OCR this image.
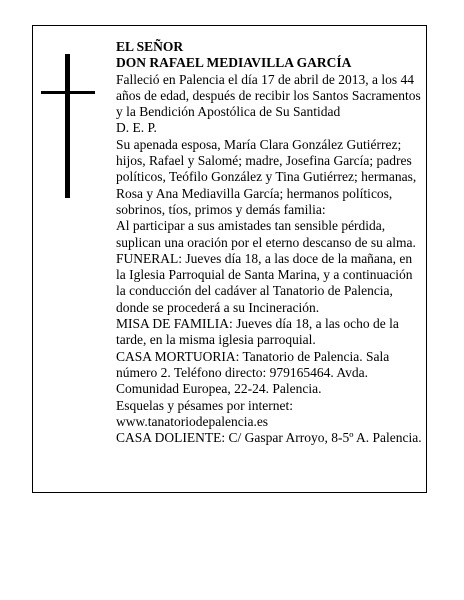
EL SEÑOR

DON RAFAEL MEDIAVILLA GARCÍA

Falleció en Palencia el día 17 de abril de 2013, a los 44 años de edad, después de recibir los Santos Sacramentos y la Bendición Apostólica de Su Santidad

D. E. P.

Su apenada esposa, María Clara González Gutiérrez; hijos, Rafael y Salomé; madre, Josefina García; padres políticos, Teófilo González y Tina Gutiérrez; hermanas, Rosa y Ana Mediavilla García; hermanos políticos, sobrinos, tíos, primos y demás familia:

Al participar a sus amistades tan sensible pérdida, suplican una oración por el eterno descanso de su alma.

FUNERAL: Jueves día 18, a las doce de la mañana, en la Iglesia Parroquial de Santa Marina, y a continuación la conducción del cadáver al Tanatorio de Palencia, donde se procederá a su Incineración.

MISA DE FAMILIA: Jueves día 18, a las ocho de la tarde, en la misma iglesia parroquial.

CASA MORTUORIA: Tanatorio de Palencia. Sala número 2. Teléfono directo: 979165464. Avda. Comunidad Europea, 22-24. Palencia.

Esquelas y pésames por internet:

www.tanatoriodepalencia.es

CASA DOLIENTE: C/ Gaspar Arroyo, 8-5º A. Palencia.
